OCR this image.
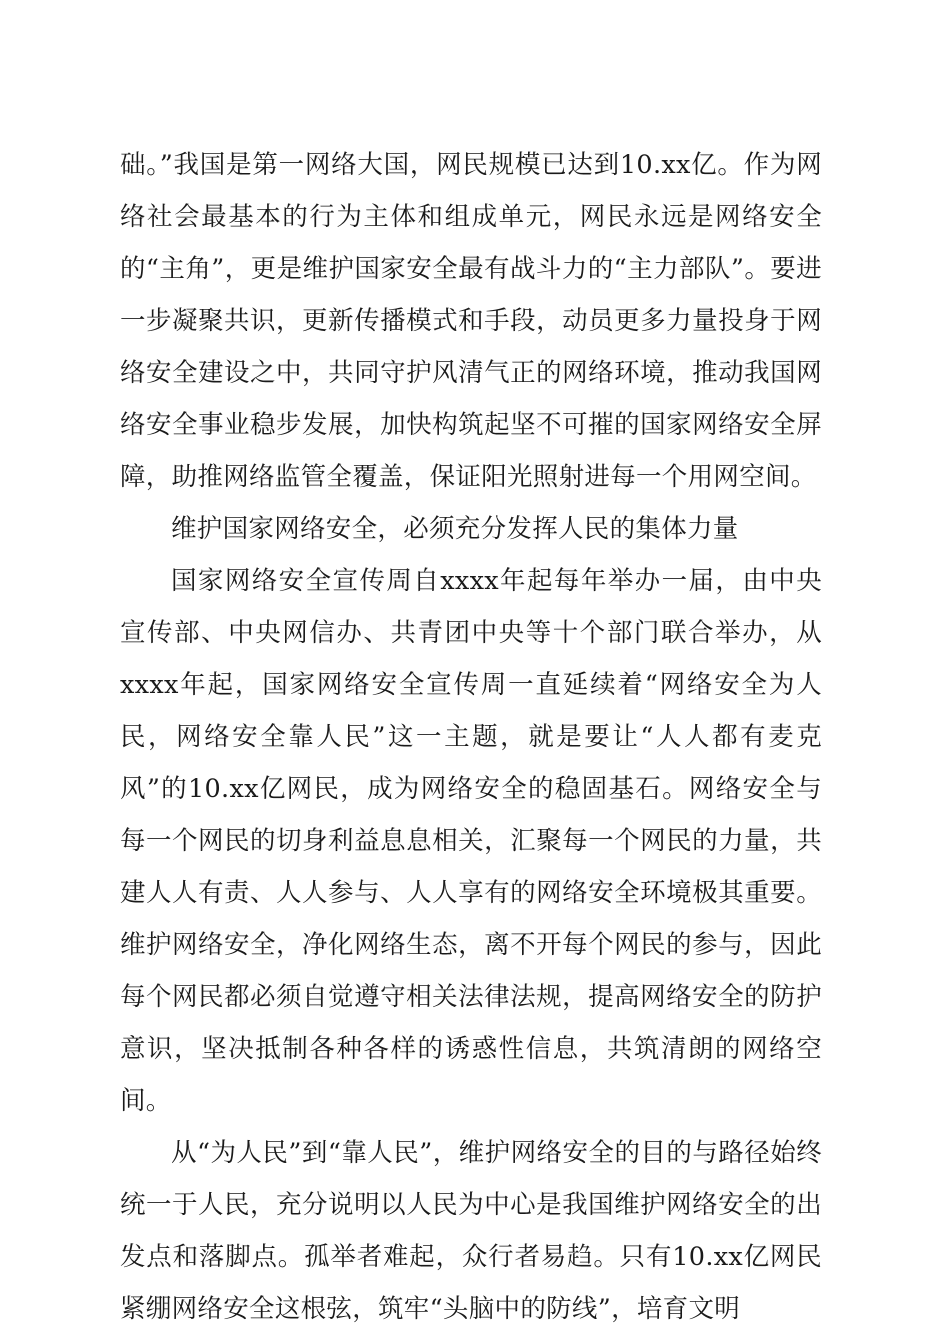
础。”我国是第一网络大国，网民规模已达到10.xx亿。作为网络社会最基本的行为主体和组成单元，网民永远是网络安全的“主角”，更是维护国家安全最有战斗力的“主力部队”。要进一步凝聚共识，更新传播模式和手段，动员更多力量投身于网络安全建设之中，共同守护风清气正的网络环境，推动我国网络安全事业稳步发展，加快构筑起坚不可摧的国家网络安全屏障，助推网络监管全覆盖，保证阳光照射进每一个用网空间。

维护国家网络安全，必须充分发挥人民的集体力量

国家网络安全宣传周自xxxx年起每年举办一届，由中央宣传部、中央网信办、共青团中央等十个部门联合举办，从xxxx年起，国家网络安全宣传周一直延续着“网络安全为人民，网络安全靠人民”这一主题，就是要让“人人都有麦克风”的10.xx亿网民，成为网络安全的稳固基石。网络安全与每一个网民的切身利益息息相关，汇聚每一个网民的力量，共建人人有责、人人参与、人人享有的网络安全环境极其重要。维护网络安全，净化网络生态，离不开每个网民的参与，因此每个网民都必须自觉遵守相关法律法规，提高网络安全的防护意识，坚决抵制各种各样的诱惑性信息，共筑清朗的网络空间。

从“为人民”到“靠人民”，维护网络安全的目的与路径始终统一于人民，充分说明以人民为中心是我国维护网络安全的出发点和落脚点。孤举者难起，众行者易趋。只有10.xx亿网民紧绷网络安全这根弦，筑牢“头脑中的防线”，培育文明
